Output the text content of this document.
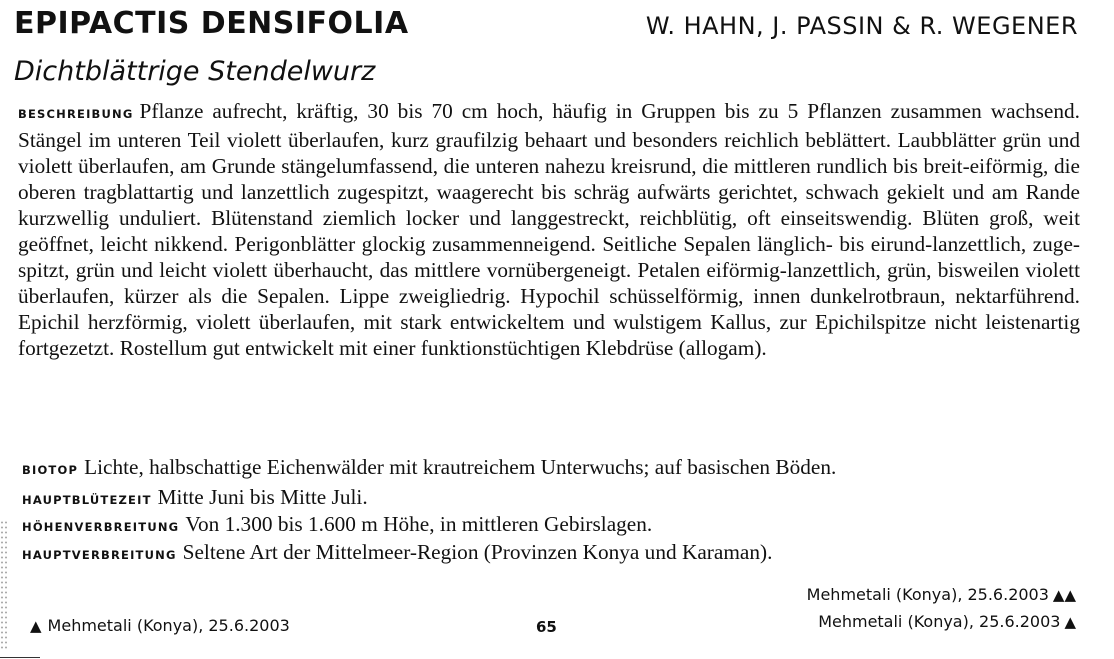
EPIPACTIS DENSIFOLIA	W. HAHN, J. PASSIN & R. WEGENER
Dichtblättrige Stendelwurz

BESCHREIBUNG Pflanze aufrecht, kräftig, 30 bis 70 cm hoch, häufig in Gruppen bis zu 5 Pflanzen zusammen wachsend. Stängel im unteren Teil violett überlaufen, kurz graufilzig behaart und besonders reichlich beblättert. Laubblätter grün und violett überlaufen, am Grunde stängelumfassend, die unteren nahezu kreisrund, die mittleren rundlich bis breit-eiförmig, die oberen tragblattartig und lanzettlich zugespitzt, waagerecht bis schräg aufwärts gerichtet, schwach gekielt und am Rande kurzwellig unduliert. Blütenstand ziemlich locker und langgestreckt, reichblütig, oft einseitswendig. Blüten groß, weit geöffnet, leicht nikkend. Perigonblätter glockig zusammenneigend. Seitliche Sepalen länglich- bis eirund-lanzettlich, zugespitzt, grün und leicht violett überhaucht, das mittlere vornübergeneigt. Petalen eiförmig-lanzettlich, grün, bisweilen violett überlaufen, kürzer als die Sepalen. Lippe zweigliedrig. Hypochil schüsselförmig, innen dunkelrotbraun, nektarführend. Epichil herzförmig, violett überlaufen, mit stark entwickeltem und wulstigem Kallus, zur Epichilspitze nicht leistenartig fortgezetzt. Rostellum gut entwickelt mit einer funktionstüchtigen Klebdrüse (allogam).

BIOTOP Lichte, halbschattige Eichenwälder mit krautreichem Unterwuchs; auf basischen Böden.
HAUPTBLÜTEZEIT Mitte Juni bis Mitte Juli.
HÖHENVERBREITUNG Von 1.300 bis 1.600 m Höhe, in mittleren Gebirslagen.
HAUPTVERBREITUNG Seltene Art der Mittelmeer-Region (Provinzen Konya und Karaman).
Mehmetali (Konya), 25.6.2003 ▲▲
Mehmetali (Konya), 25.6.2003 ▲
▲ Mehmetali (Konya), 25.6.2003	65
